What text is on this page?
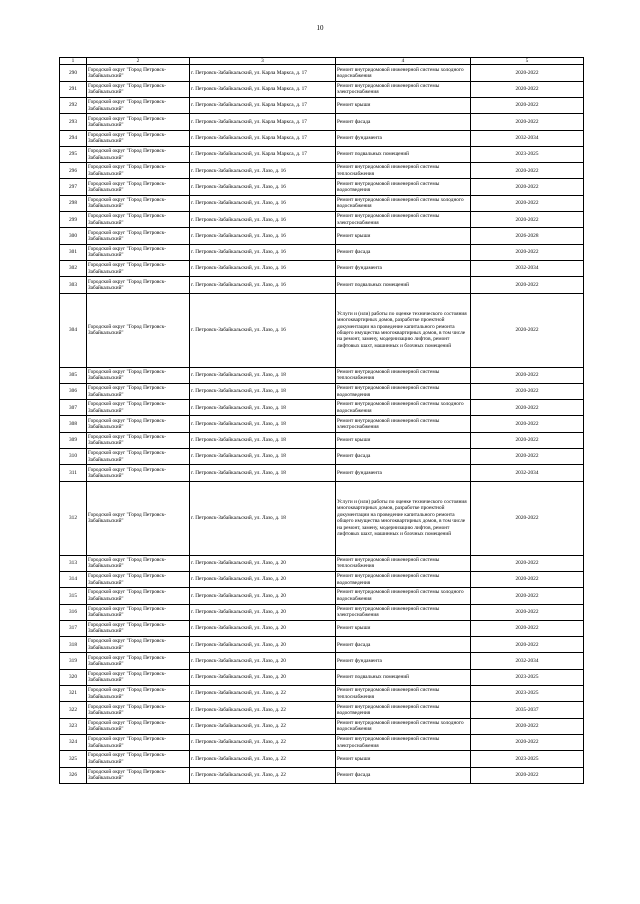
10
1	2	3	4	5
290	Городской округ "Город Петровск-Забайкальский"	г. Петровск-Забайкальский, ул. Карла Маркса, д. 17	Ремонт внутридомовой инженерной системы холодного водоснабжения	2020-2022
291	Городской округ "Город Петровск-Забайкальский"	г. Петровск-Забайкальский, ул. Карла Маркса, д. 17	Ремонт внутридомовой инженерной системы электроснабжения	2020-2022
292	Городской округ "Город Петровск-Забайкальский"	г. Петровск-Забайкальский, ул. Карла Маркса, д. 17	Ремонт крыши	2020-2022
293	Городской округ "Город Петровск-Забайкальский"	г. Петровск-Забайкальский, ул. Карла Маркса, д. 17	Ремонт фасада	2020-2022
294	Городской округ "Город Петровск-Забайкальский"	г. Петровск-Забайкальский, ул. Карла Маркса, д. 17	Ремонт фундамента	2032-2034
295	Городской округ "Город Петровск-Забайкальский"	г. Петровск-Забайкальский, ул. Карла Маркса, д. 17	Ремонт подвальных помещений	2023-2025
296	Городской округ "Город Петровск-Забайкальский"	г. Петровск-Забайкальский, ул. Лазо, д. 16	Ремонт внутридомовой инженерной системы теплоснабжения	2020-2022
297	Городской округ "Город Петровск-Забайкальский"	г. Петровск-Забайкальский, ул. Лазо, д. 16	Ремонт внутридомовой инженерной системы водоотведения	2020-2022
298	Городской округ "Город Петровск-Забайкальский"	г. Петровск-Забайкальский, ул. Лазо, д. 16	Ремонт внутридомовой инженерной системы холодного водоснабжения	2020-2022
299	Городской округ "Город Петровск-Забайкальский"	г. Петровск-Забайкальский, ул. Лазо, д. 16	Ремонт внутридомовой инженерной системы электроснабжения	2020-2022
300	Городской округ "Город Петровск-Забайкальский"	г. Петровск-Забайкальский, ул. Лазо, д. 16	Ремонт крыши	2026-2028
301	Городской округ "Город Петровск-Забайкальский"	г. Петровск-Забайкальский, ул. Лазо, д. 16	Ремонт фасада	2020-2022
302	Городской округ "Город Петровск-Забайкальский"	г. Петровск-Забайкальский, ул. Лазо, д. 16	Ремонт фундамента	2032-2034
303	Городской округ "Город Петровск-Забайкальский"	г. Петровск-Забайкальский, ул. Лазо, д. 16	Ремонт подвальных помещений	2020-2022
304	Городской округ "Город Петровск-Забайкальский"	г. Петровск-Забайкальский, ул. Лазо, д. 16	Услуги и (или) работы по оценке технического состояния многоквартирных домов, разработке проектной документации на проведение капитального ремонта общего имущества многоквартирных домов, в том числе на ремонт, замену, модернизацию лифтов, ремонт лифтовых шахт, машинных и блочных помещений	2020-2022
305	Городской округ "Город Петровск-Забайкальский"	г. Петровск-Забайкальский, ул. Лазо, д. 18	Ремонт внутридомовой инженерной системы теплоснабжения	2020-2022
306	Городской округ "Город Петровск-Забайкальский"	г. Петровск-Забайкальский, ул. Лазо, д. 18	Ремонт внутридомовой инженерной системы водоотведения	2020-2022
307	Городской округ "Город Петровск-Забайкальский"	г. Петровск-Забайкальский, ул. Лазо, д. 18	Ремонт внутридомовой инженерной системы холодного водоснабжения	2020-2022
308	Городской округ "Город Петровск-Забайкальский"	г. Петровск-Забайкальский, ул. Лазо, д. 18	Ремонт внутридомовой инженерной системы электроснабжения	2020-2022
309	Городской округ "Город Петровск-Забайкальский"	г. Петровск-Забайкальский, ул. Лазо, д. 18	Ремонт крыши	2020-2022
310	Городской округ "Город Петровск-Забайкальский"	г. Петровск-Забайкальский, ул. Лазо, д. 18	Ремонт фасада	2020-2022
311	Городской округ "Город Петровск-Забайкальский"	г. Петровск-Забайкальский, ул. Лазо, д. 18	Ремонт фундамента	2032-2034
312	Городской округ "Город Петровск-Забайкальский"	г. Петровск-Забайкальский, ул. Лазо, д. 18	Услуги и (или) работы по оценке технического состояния многоквартирных домов, разработке проектной документации на проведение капитального ремонта общего имущества многоквартирных домов, в том числе на ремонт, замену, модернизацию лифтов, ремонт лифтовых шахт, машинных и блочных помещений	2020-2022
313	Городской округ "Город Петровск-Забайкальский"	г. Петровск-Забайкальский, ул. Лазо, д. 20	Ремонт внутридомовой инженерной системы теплоснабжения	2020-2022
314	Городской округ "Город Петровск-Забайкальский"	г. Петровск-Забайкальский, ул. Лазо, д. 20	Ремонт внутридомовой инженерной системы водоотведения	2020-2022
315	Городской округ "Город Петровск-Забайкальский"	г. Петровск-Забайкальский, ул. Лазо, д. 20	Ремонт внутридомовой инженерной системы холодного водоснабжения	2020-2022
316	Городской округ "Город Петровск-Забайкальский"	г. Петровск-Забайкальский, ул. Лазо, д. 20	Ремонт внутридомовой инженерной системы электроснабжения	2020-2022
317	Городской округ "Город Петровск-Забайкальский"	г. Петровск-Забайкальский, ул. Лазо, д. 20	Ремонт крыши	2020-2022
318	Городской округ "Город Петровск-Забайкальский"	г. Петровск-Забайкальский, ул. Лазо, д. 20	Ремонт фасада	2020-2022
319	Городской округ "Город Петровск-Забайкальский"	г. Петровск-Забайкальский, ул. Лазо, д. 20	Ремонт фундамента	2032-2034
320	Городской округ "Город Петровск-Забайкальский"	г. Петровск-Забайкальский, ул. Лазо, д. 20	Ремонт подвальных помещений	2023-2025
321	Городской округ "Город Петровск-Забайкальский"	г. Петровск-Забайкальский, ул. Лазо, д. 22	Ремонт внутридомовой инженерной системы теплоснабжения	2023-2025
322	Городской округ "Город Петровск-Забайкальский"	г. Петровск-Забайкальский, ул. Лазо, д. 22	Ремонт внутридомовой инженерной системы водоотведения	2035-2037
323	Городской округ "Город Петровск-Забайкальский"	г. Петровск-Забайкальский, ул. Лазо, д. 22	Ремонт внутридомовой инженерной системы холодного водоснабжения	2020-2022
324	Городской округ "Город Петровск-Забайкальский"	г. Петровск-Забайкальский, ул. Лазо, д. 22	Ремонт внутридомовой инженерной системы электроснабжения	2020-2022
325	Городской округ "Город Петровск-Забайкальский"	г. Петровск-Забайкальский, ул. Лазо, д. 22	Ремонт крыши	2023-2025
326	Городской округ "Город Петровск-Забайкальский"	г. Петровск-Забайкальский, ул. Лазо, д. 22	Ремонт фасада	2020-2022
